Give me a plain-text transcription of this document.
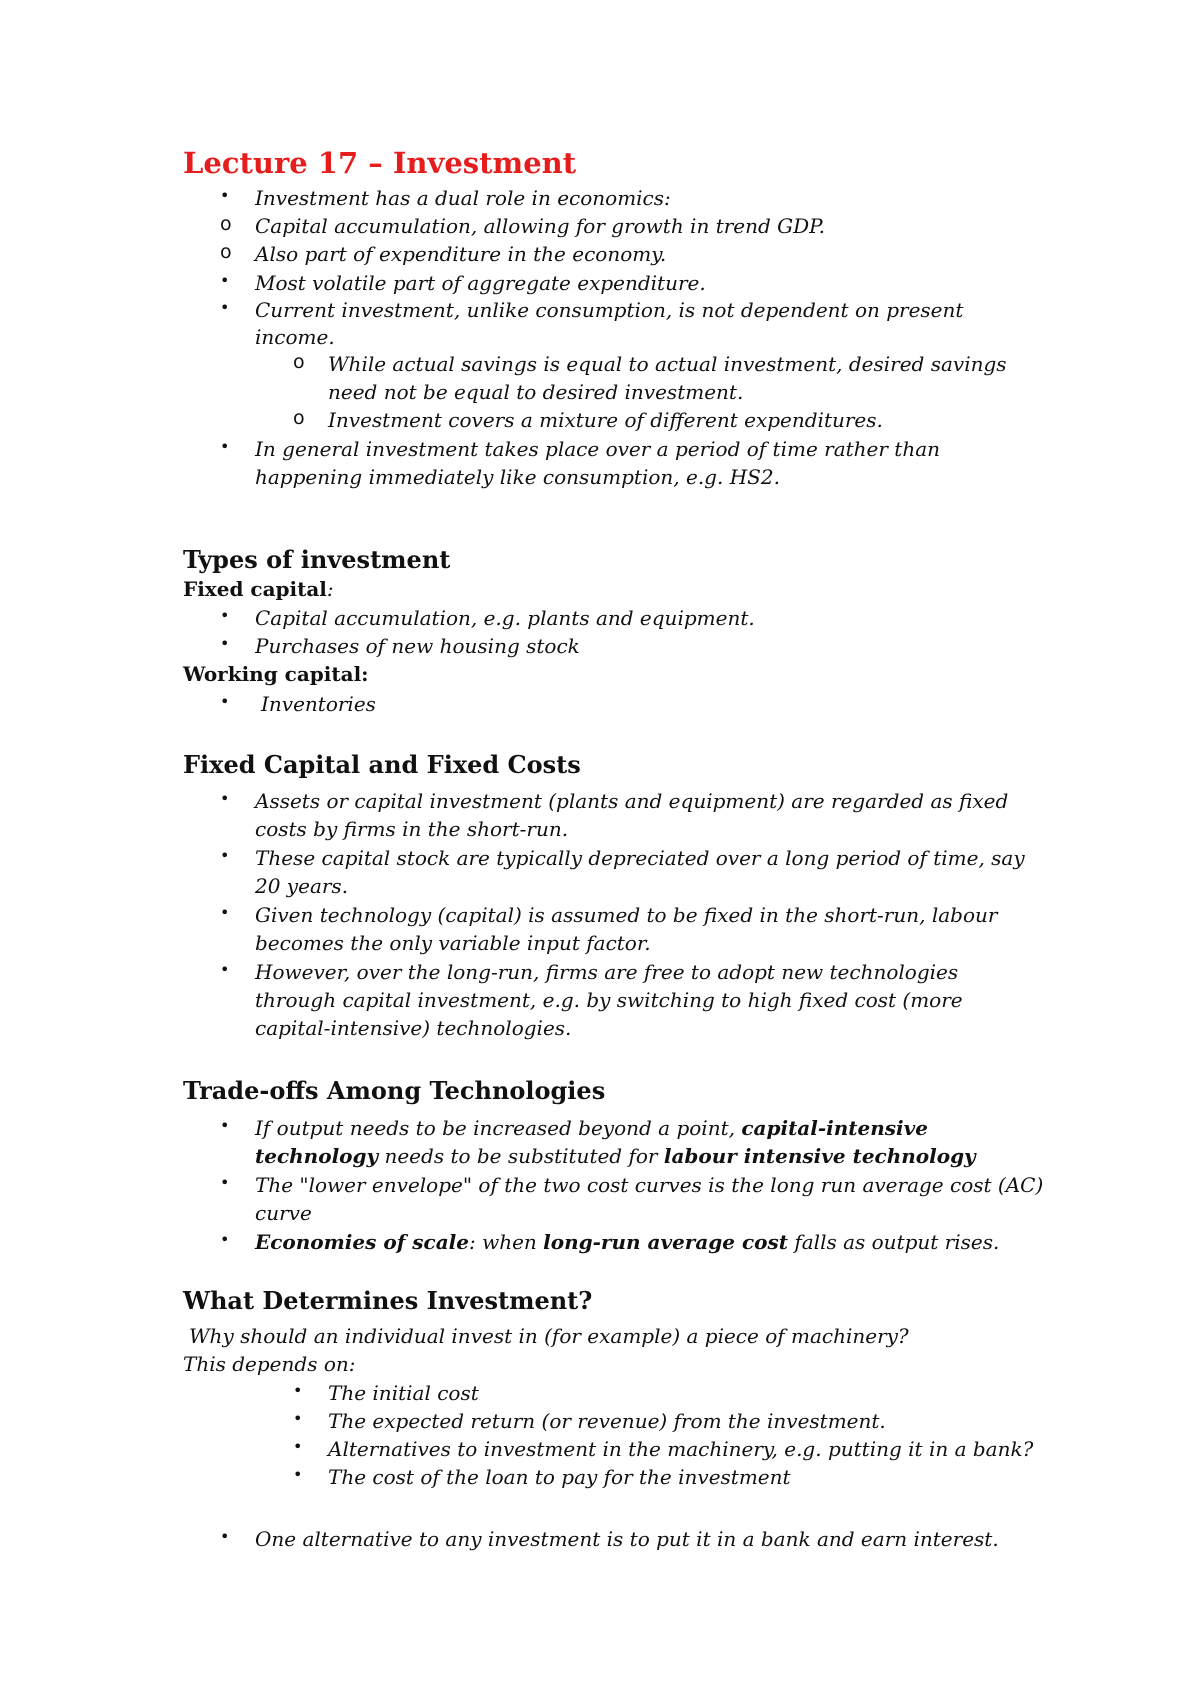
Lecture 17 – Investment
• Investment has a dual role in economics:
o Capital accumulation, allowing for growth in trend GDP.
o Also part of expenditure in the economy.
• Most volatile part of aggregate expenditure.
• Current investment, unlike consumption, is not dependent on present
income.
o While actual savings is equal to actual investment, desired savings
need not be equal to desired investment.
o Investment covers a mixture of different expenditures.
• In general investment takes place over a period of time rather than
happening immediately like consumption, e.g. HS2.
Types of investment
Fixed capital:
• Capital accumulation, e.g. plants and equipment.
• Purchases of new housing stock
Working capital:
• Inventories
Fixed Capital and Fixed Costs
• Assets or capital investment (plants and equipment) are regarded as fixed
costs by firms in the short-run.
• These capital stock are typically depreciated over a long period of time, say
20 years.
• Given technology (capital) is assumed to be fixed in the short-run, labour
becomes the only variable input factor.
• However, over the long-run, firms are free to adopt new technologies
through capital investment, e.g. by switching to high fixed cost (more
capital-intensive) technologies.
Trade-offs Among Technologies
• If output needs to be increased beyond a point, capital-intensive
technology needs to be substituted for labour intensive technology
• The "lower envelope" of the two cost curves is the long run average cost (AC)
curve
• Economies of scale: when long-run average cost falls as output rises.
What Determines Investment?
Why should an individual invest in (for example) a piece of machinery?
This depends on:
• The initial cost
• The expected return (or revenue) from the investment.
• Alternatives to investment in the machinery, e.g. putting it in a bank?
• The cost of the loan to pay for the investment
• One alternative to any investment is to put it in a bank and earn interest.
